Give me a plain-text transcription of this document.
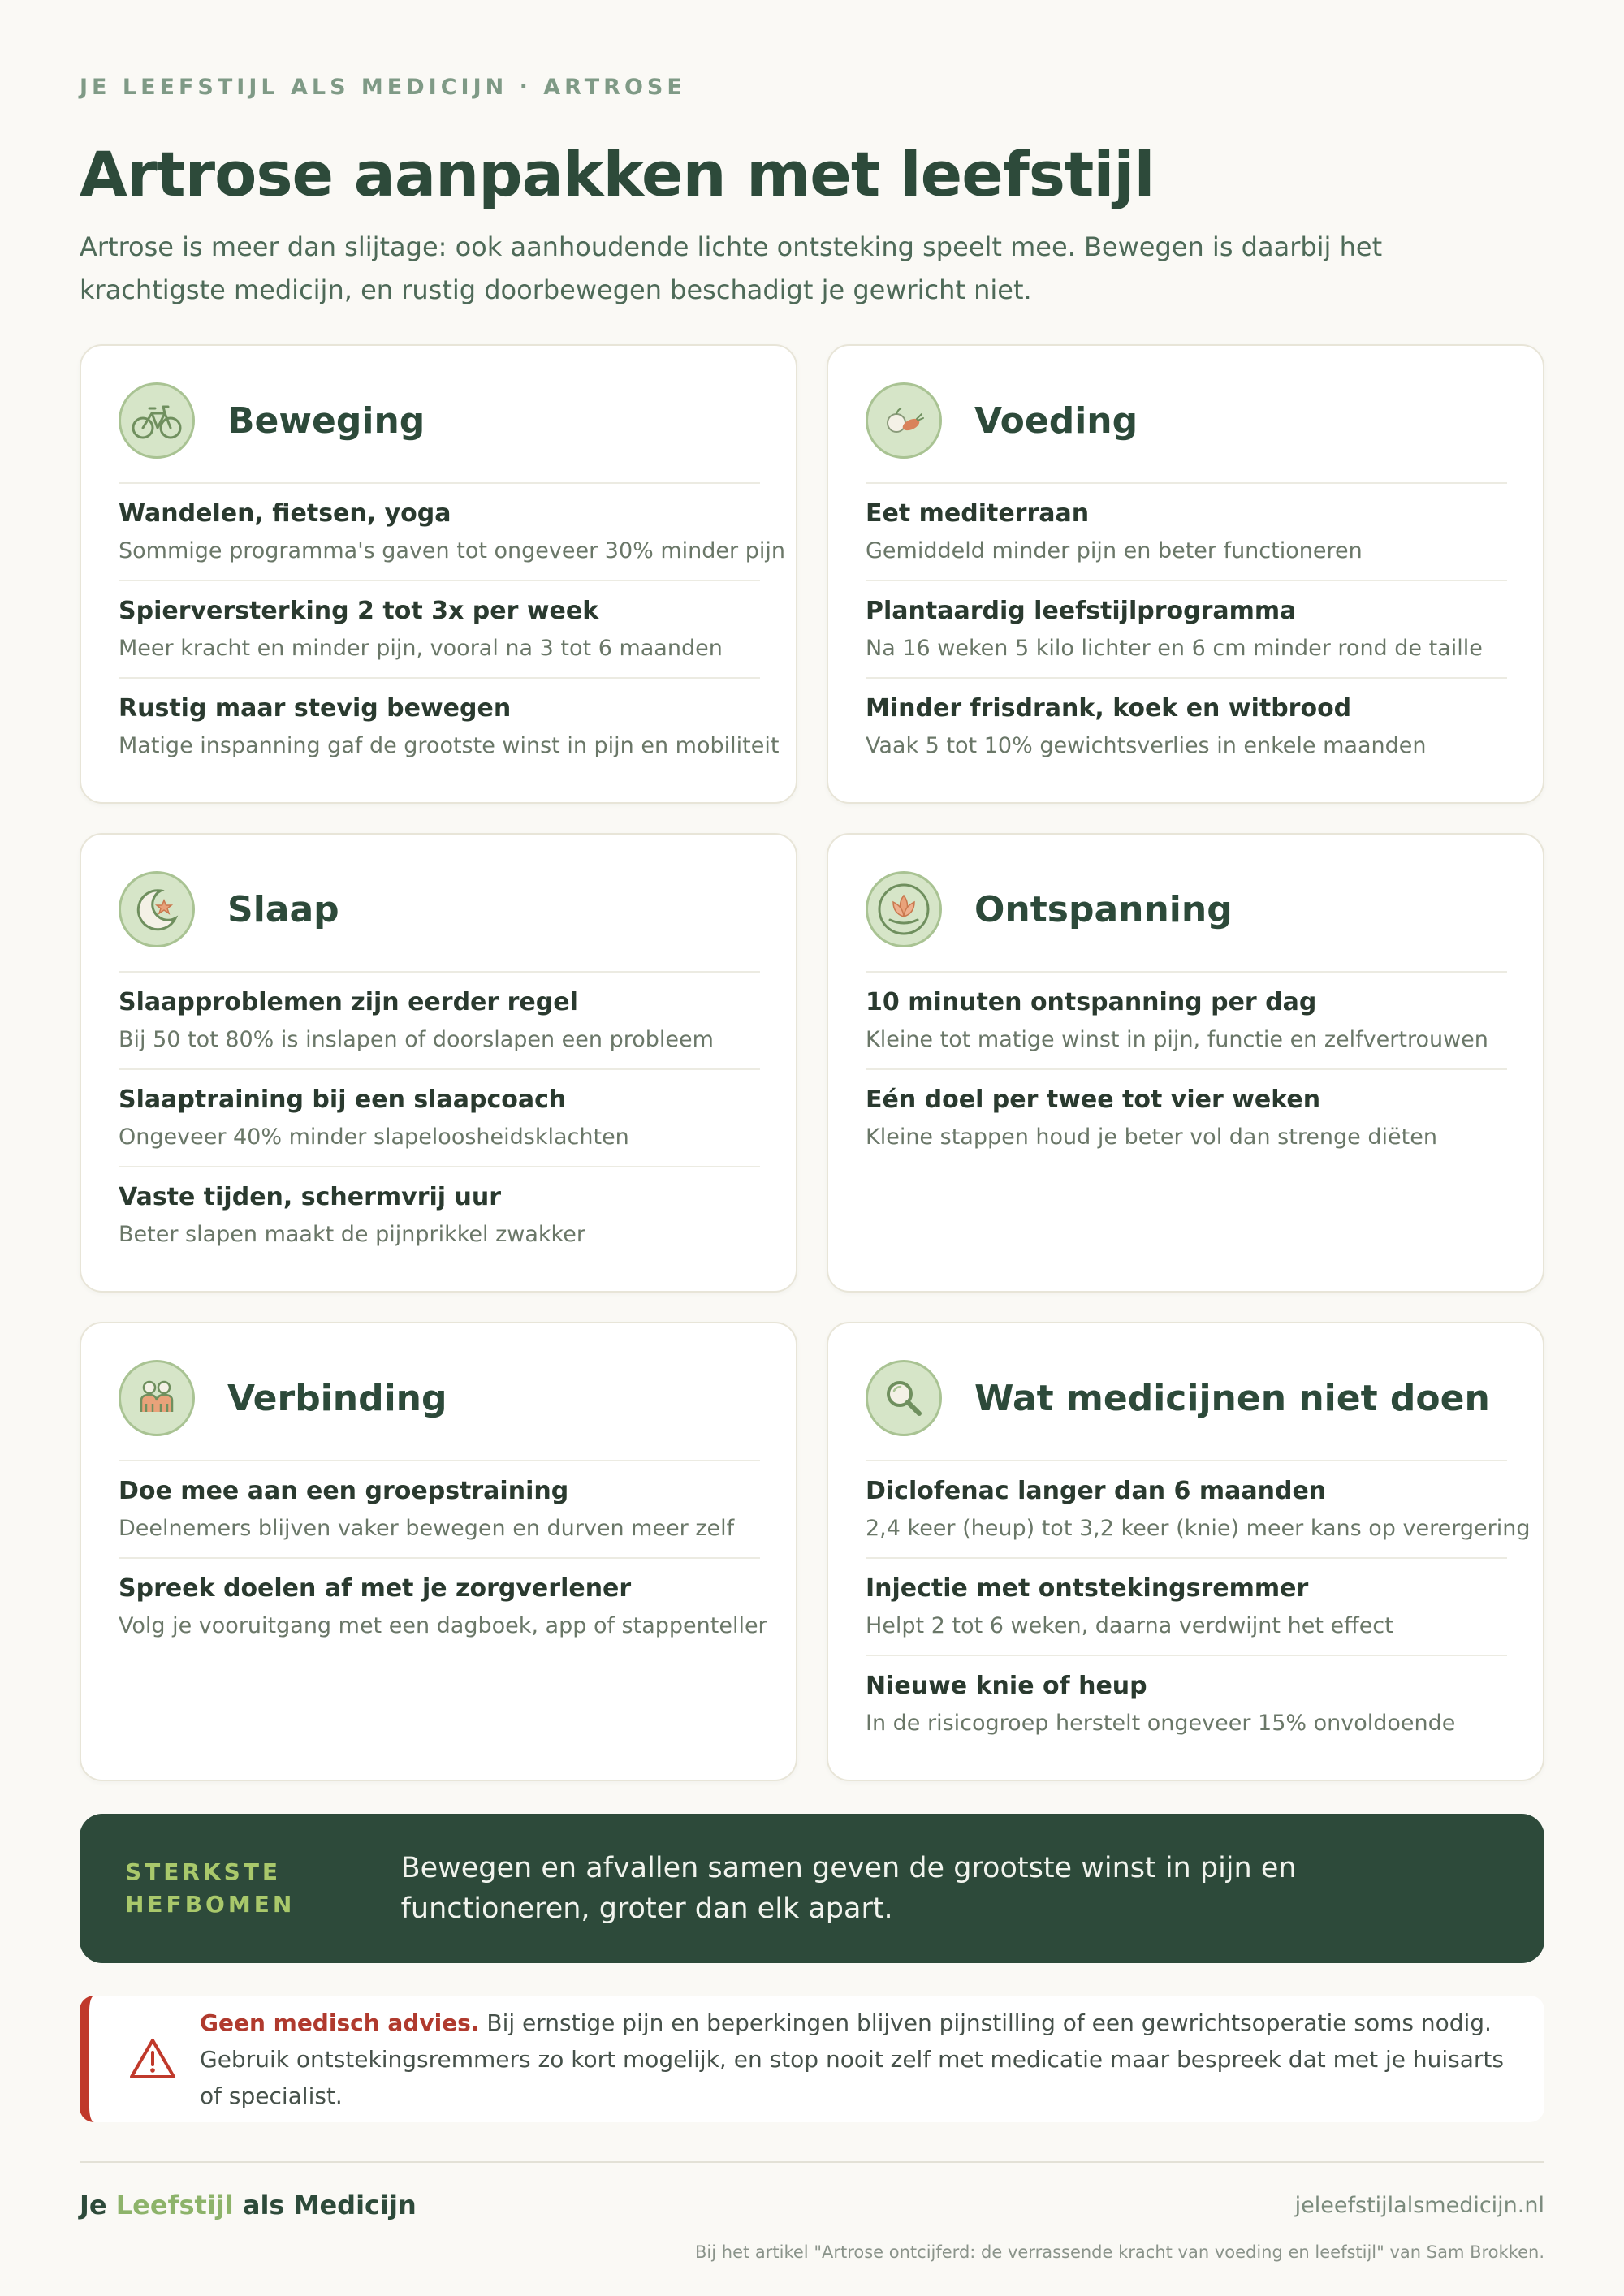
JE LEEFSTIJL ALS MEDICIJN · ARTROSE
Artrose aanpakken met leefstijl

Artrose is meer dan slijtage: ook aanhoudende lichte ontsteking speelt mee. Bewegen is daarbij het krachtigste medicijn, en rustig doorbewegen beschadigt je gewricht niet.

Beweging
Wandelen, fietsen, yoga
Sommige programma's gaven tot ongeveer 30% minder pijn
Spierversterking 2 tot 3x per week
Meer kracht en minder pijn, vooral na 3 tot 6 maanden
Rustig maar stevig bewegen
Matige inspanning gaf de grootste winst in pijn en mobiliteit
Voeding
Eet mediterraan
Gemiddeld minder pijn en beter functioneren
Plantaardig leefstijlprogramma
Na 16 weken 5 kilo lichter en 6 cm minder rond de taille
Minder frisdrank, koek en witbrood
Vaak 5 tot 10% gewichtsverlies in enkele maanden
Slaap
Slaapproblemen zijn eerder regel
Bij 50 tot 80% is inslapen of doorslapen een probleem
Slaaptraining bij een slaapcoach
Ongeveer 40% minder slapeloosheidsklachten
Vaste tijden, schermvrij uur
Beter slapen maakt de pijnprikkel zwakker
Ontspanning
10 minuten ontspanning per dag
Kleine tot matige winst in pijn, functie en zelfvertrouwen
Eén doel per twee tot vier weken
Kleine stappen houd je beter vol dan strenge diëten
Verbinding
Doe mee aan een groepstraining
Deelnemers blijven vaker bewegen en durven meer zelf
Spreek doelen af met je zorgverlener
Volg je vooruitgang met een dagboek, app of stappenteller
Wat medicijnen niet doen
Diclofenac langer dan 6 maanden
2,4 keer (heup) tot 3,2 keer (knie) meer kans op verergering
Injectie met ontstekingsremmer
Helpt 2 tot 6 weken, daarna verdwijnt het effect
Nieuwe knie of heup
In de risicogroep herstelt ongeveer 15% onvoldoende
STERKSTE
HEFBOMEN
Bewegen en afvallen samen geven de grootste winst in pijn en functioneren, groter dan elk apart.
Geen medisch advies. Bij ernstige pijn en beperkingen blijven pijnstilling of een gewrichtsoperatie soms nodig. Gebruik ontstekingsremmers zo kort mogelijk, en stop nooit zelf met medicatie maar bespreek dat met je huisarts of specialist.
Je Leefstijl als Medicijn	jeleefstijlalsmedicijn.nl
Bij het artikel "Artrose ontcijferd: de verrassende kracht van voeding en leefstijl" van Sam Brokken.
